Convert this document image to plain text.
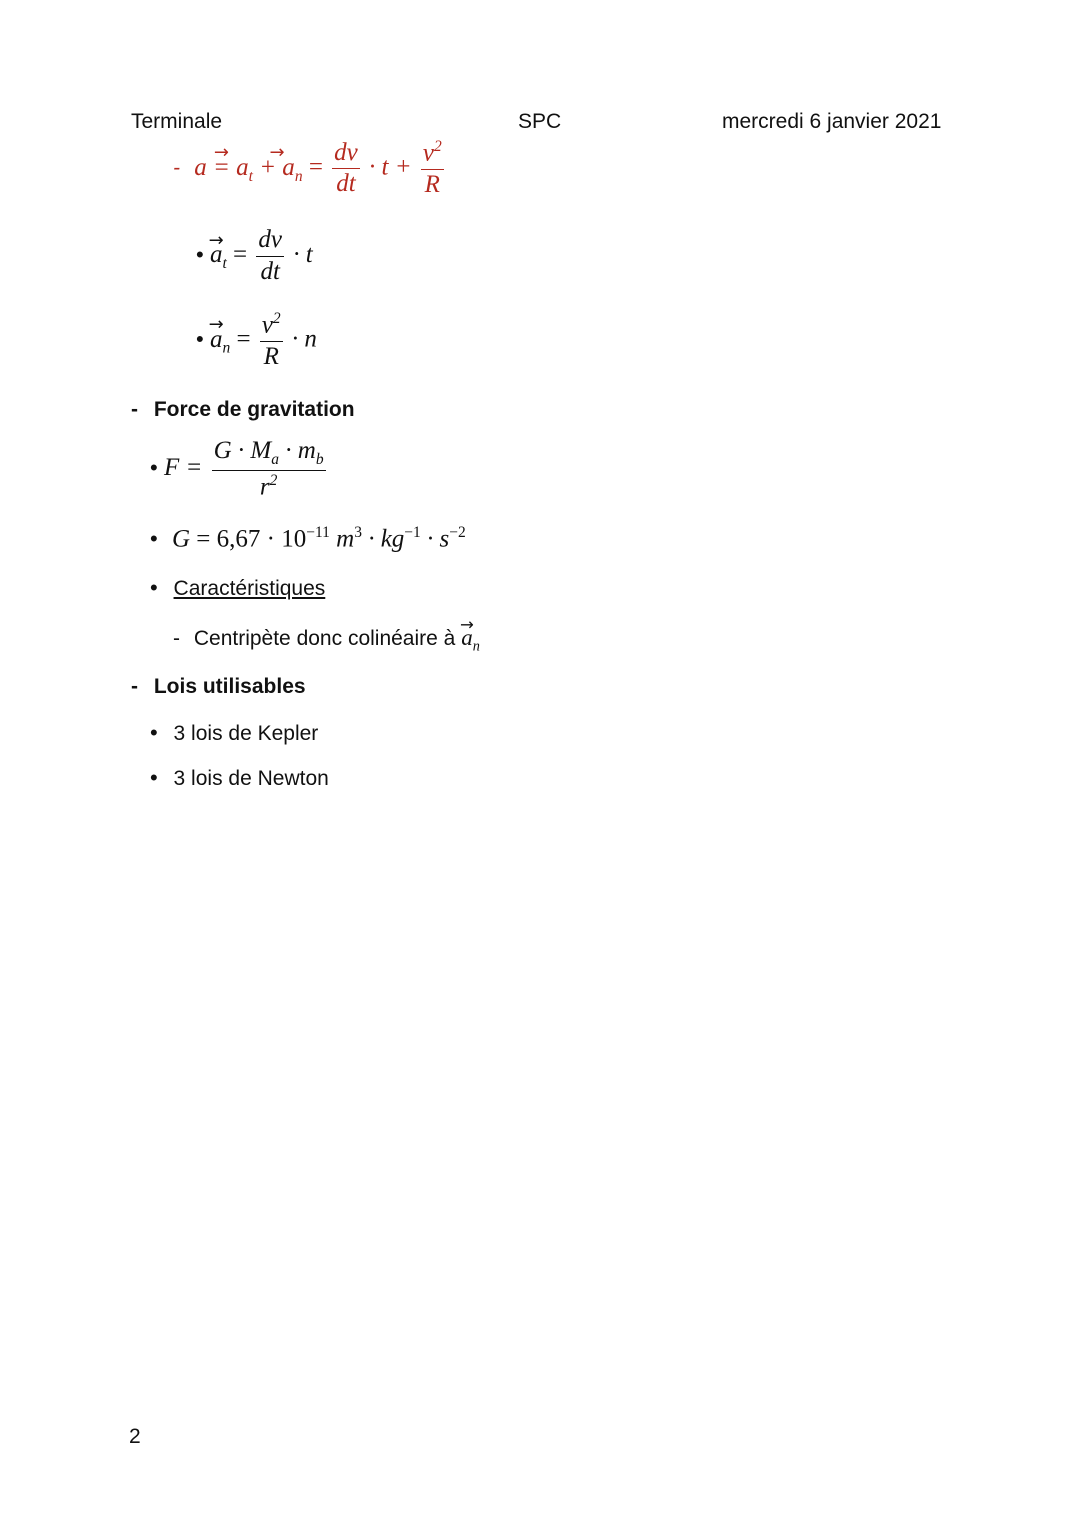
Terminale	SPC	mercredi 6 janvier 2021
- → $a = a_t$ → + $a_n = \frac{dv}{dt} \cdot t + \frac{v^2}{R}$
• → $a_t = \frac{dv}{dt} \cdot t$
• → $a_n = \frac{v^2}{R} \cdot n$
- Force de gravitation
• $F = \frac{G \cdot M_a \cdot m_b}{r^2}$
• $G = 6,67 \cdot 10^{-11}$ $m^3 \cdot kg^{-1} \cdot s^{-2}$
• Caractéristiques
- Centripète donc colinéaire à → $a_n$
- Lois utilisables
• 3 lois de Kepler
• 3 lois de Newton
2
